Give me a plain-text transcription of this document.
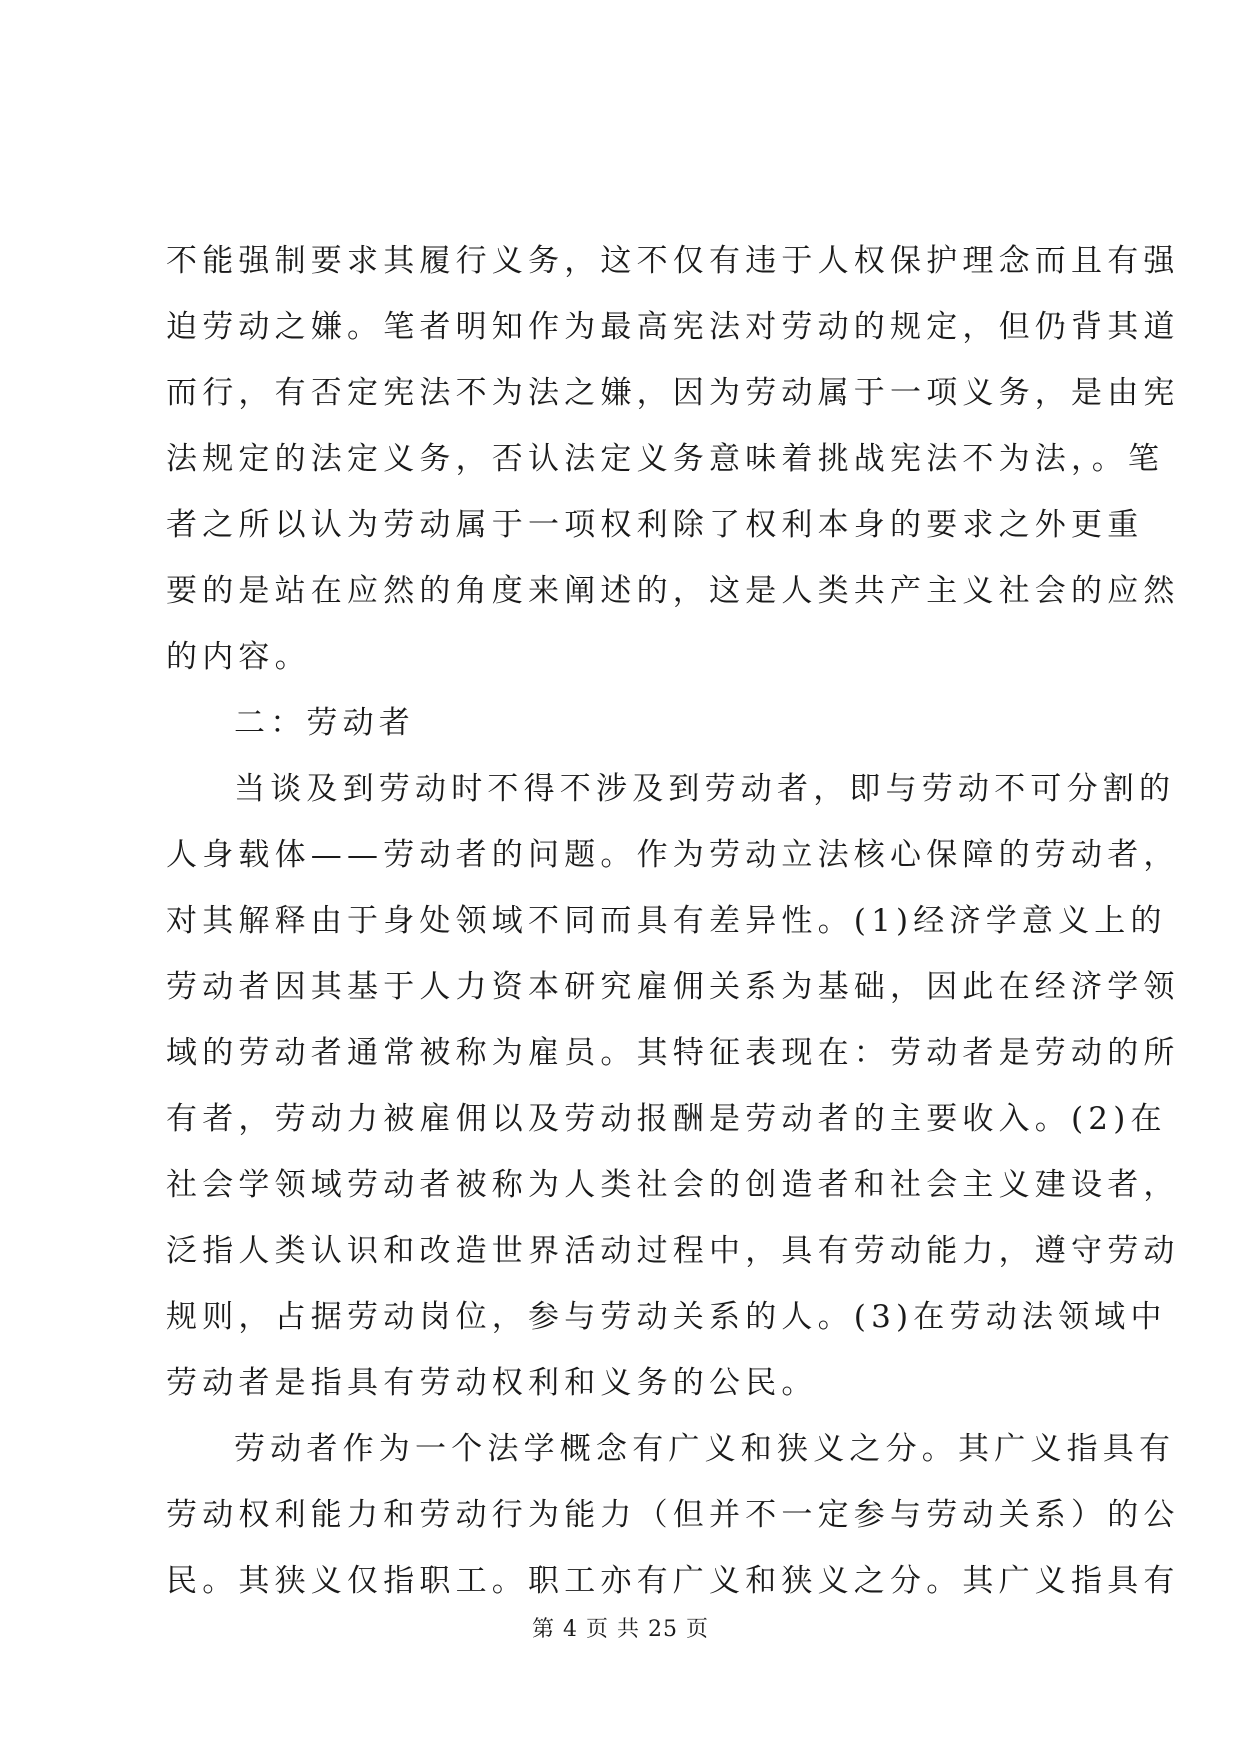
不能强制要求其履行义务，这不仅有违于人权保护理念而且有强
迫劳动之嫌。笔者明知作为最高宪法对劳动的规定，但仍背其道
而行，有否定宪法不为法之嫌，因为劳动属于一项义务，是由宪
法规定的法定义务，否认法定义务意味着挑战宪法不为法，。笔
者之所以认为劳动属于一项权利除了权利本身的要求之外更重
要的是站在应然的角度来阐述的，这是人类共产主义社会的应然
的内容。
二：劳动者
当谈及到劳动时不得不涉及到劳动者，即与劳动不可分割的
人身载体——劳动者的问题。作为劳动立法核心保障的劳动者，
对其解释由于身处领域不同而具有差异性。(1)经济学意义上的
劳动者因其基于人力资本研究雇佣关系为基础，因此在经济学领
域的劳动者通常被称为雇员。其特征表现在：劳动者是劳动的所
有者，劳动力被雇佣以及劳动报酬是劳动者的主要收入。(2)在
社会学领域劳动者被称为人类社会的创造者和社会主义建设者，
泛指人类认识和改造世界活动过程中，具有劳动能力，遵守劳动
规则，占据劳动岗位，参与劳动关系的人。(3)在劳动法领域中
劳动者是指具有劳动权利和义务的公民。
劳动者作为一个法学概念有广义和狭义之分。其广义指具有
劳动权利能力和劳动行为能力（但并不一定参与劳动关系）的公
民。其狭义仅指职工。职工亦有广义和狭义之分。其广义指具有
第 4 页 共 25 页
